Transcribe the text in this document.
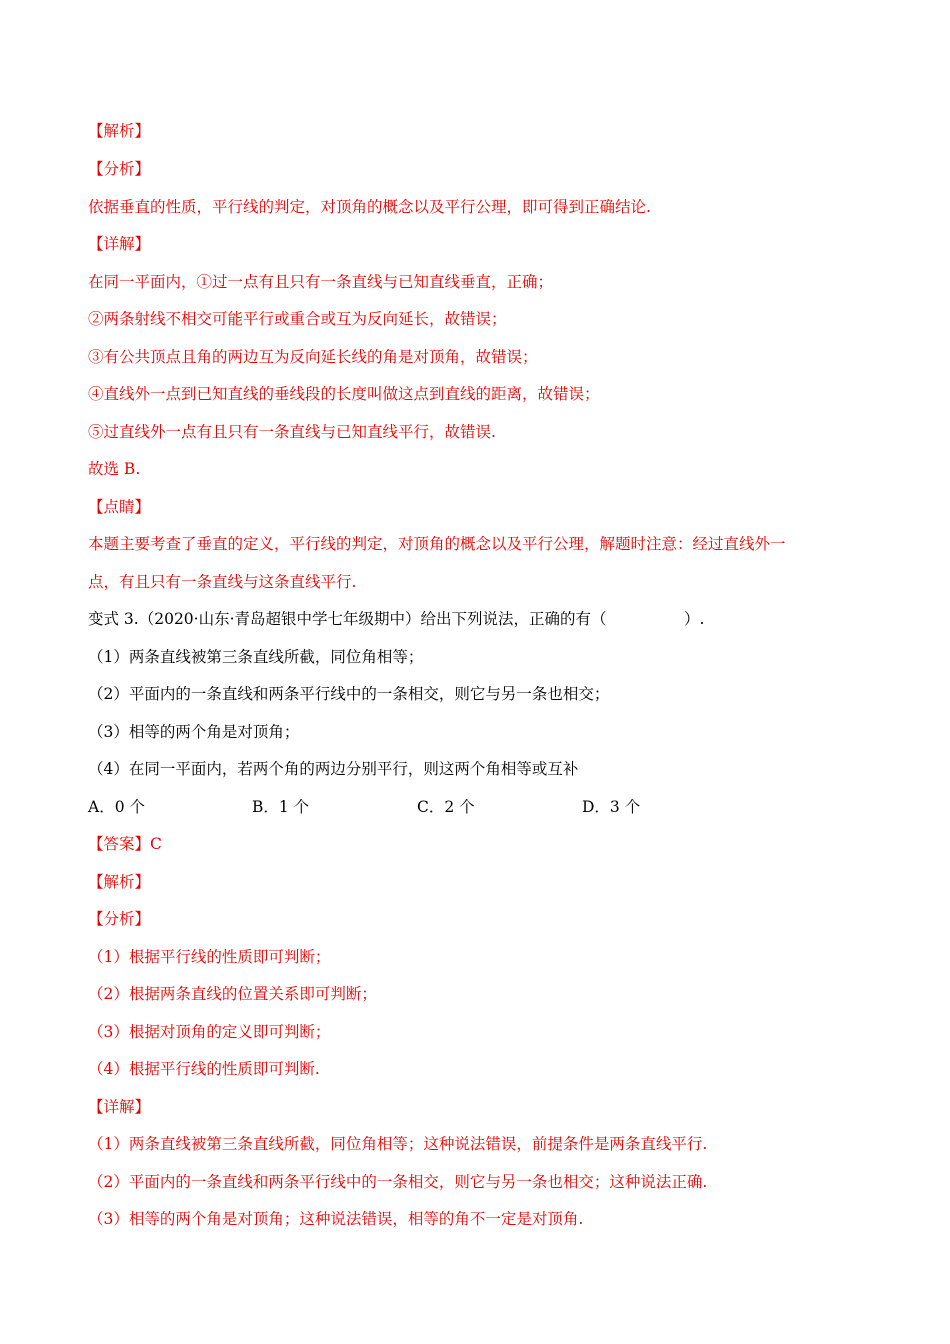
【解析】
【分析】
依据垂直的性质，平行线的判定，对顶角的概念以及平行公理，即可得到正确结论.
【详解】
在同一平面内，①过一点有且只有一条直线与已知直线垂直，正确；
②两条射线不相交可能平行或重合或互为反向延长，故错误；
③有公共顶点且角的两边互为反向延长线的角是对顶角，故错误；
④直线外一点到已知直线的垂线段的长度叫做这点到直线的距离，故错误；
⑤过直线外一点有且只有一条直线与已知直线平行，故错误.
故选 B.
【点睛】
本题主要考查了垂直的定义，平行线的判定，对顶角的概念以及平行公理，解题时注意：经过直线外一
点，有且只有一条直线与这条直线平行.
变式 3.（2020·山东·青岛超银中学七年级期中）给出下列说法，正确的有（　　　　　）.
（1）两条直线被第三条直线所截，同位角相等；
（2）平面内的一条直线和两条平行线中的一条相交，则它与另一条也相交；
（3）相等的两个角是对顶角；
（4）在同一平面内，若两个角的两边分别平行，则这两个角相等或互补
A．0 个	B．1 个	C．2 个	D．3 个
【答案】C
【解析】
【分析】
（1）根据平行线的性质即可判断；
（2）根据两条直线的位置关系即可判断；
（3）根据对顶角的定义即可判断；
（4）根据平行线的性质即可判断.
【详解】
（1）两条直线被第三条直线所截，同位角相等；这种说法错误，前提条件是两条直线平行.
（2）平面内的一条直线和两条平行线中的一条相交，则它与另一条也相交；这种说法正确.
（3）相等的两个角是对顶角；这种说法错误，相等的角不一定是对顶角.
